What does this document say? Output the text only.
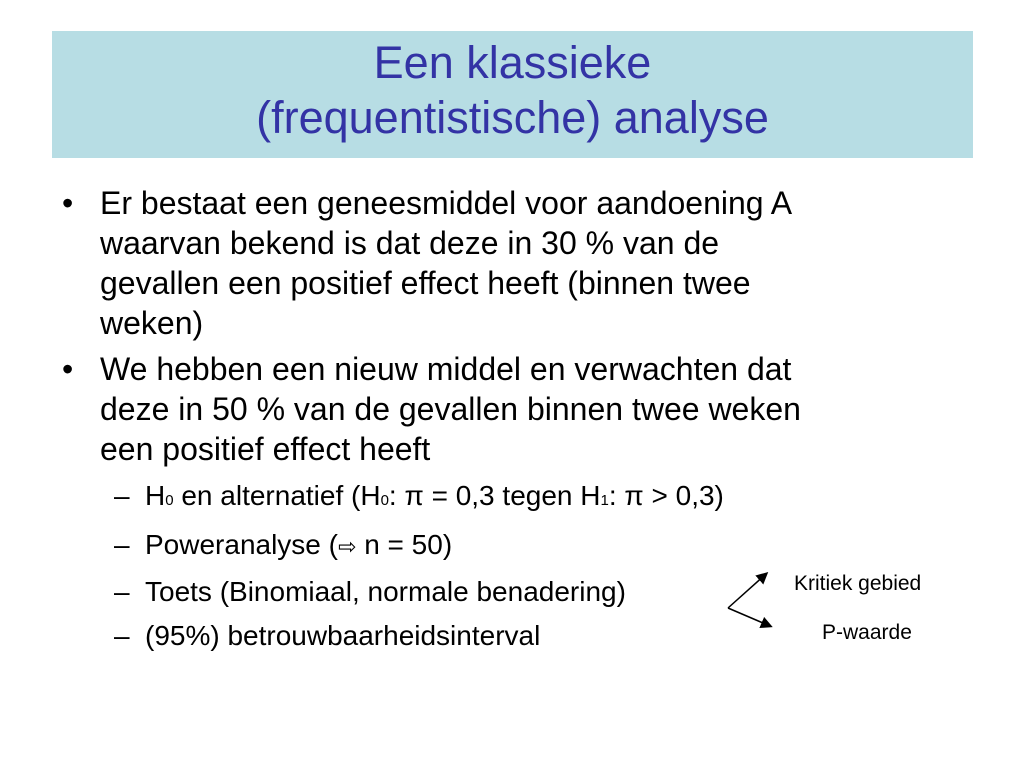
Een klassieke
(frequentistische) analyse
• Er bestaat een geneesmiddel voor aandoening A
waarvan bekend is dat deze in 30 % van de
gevallen een positief effect heeft (binnen twee
weken)
• We hebben een nieuw middel en verwachten dat
deze in 50 % van de gevallen binnen twee weken
een positief effect heeft
– H0 en alternatief (H0: π = 0,3 tegen H1: π > 0,3)
– Poweranalyse (⇨ n = 50)
– Toets (Binomiaal, normale benadering)
– (95%) betrouwbaarheidsinterval
Kritiek gebied
P-waarde
